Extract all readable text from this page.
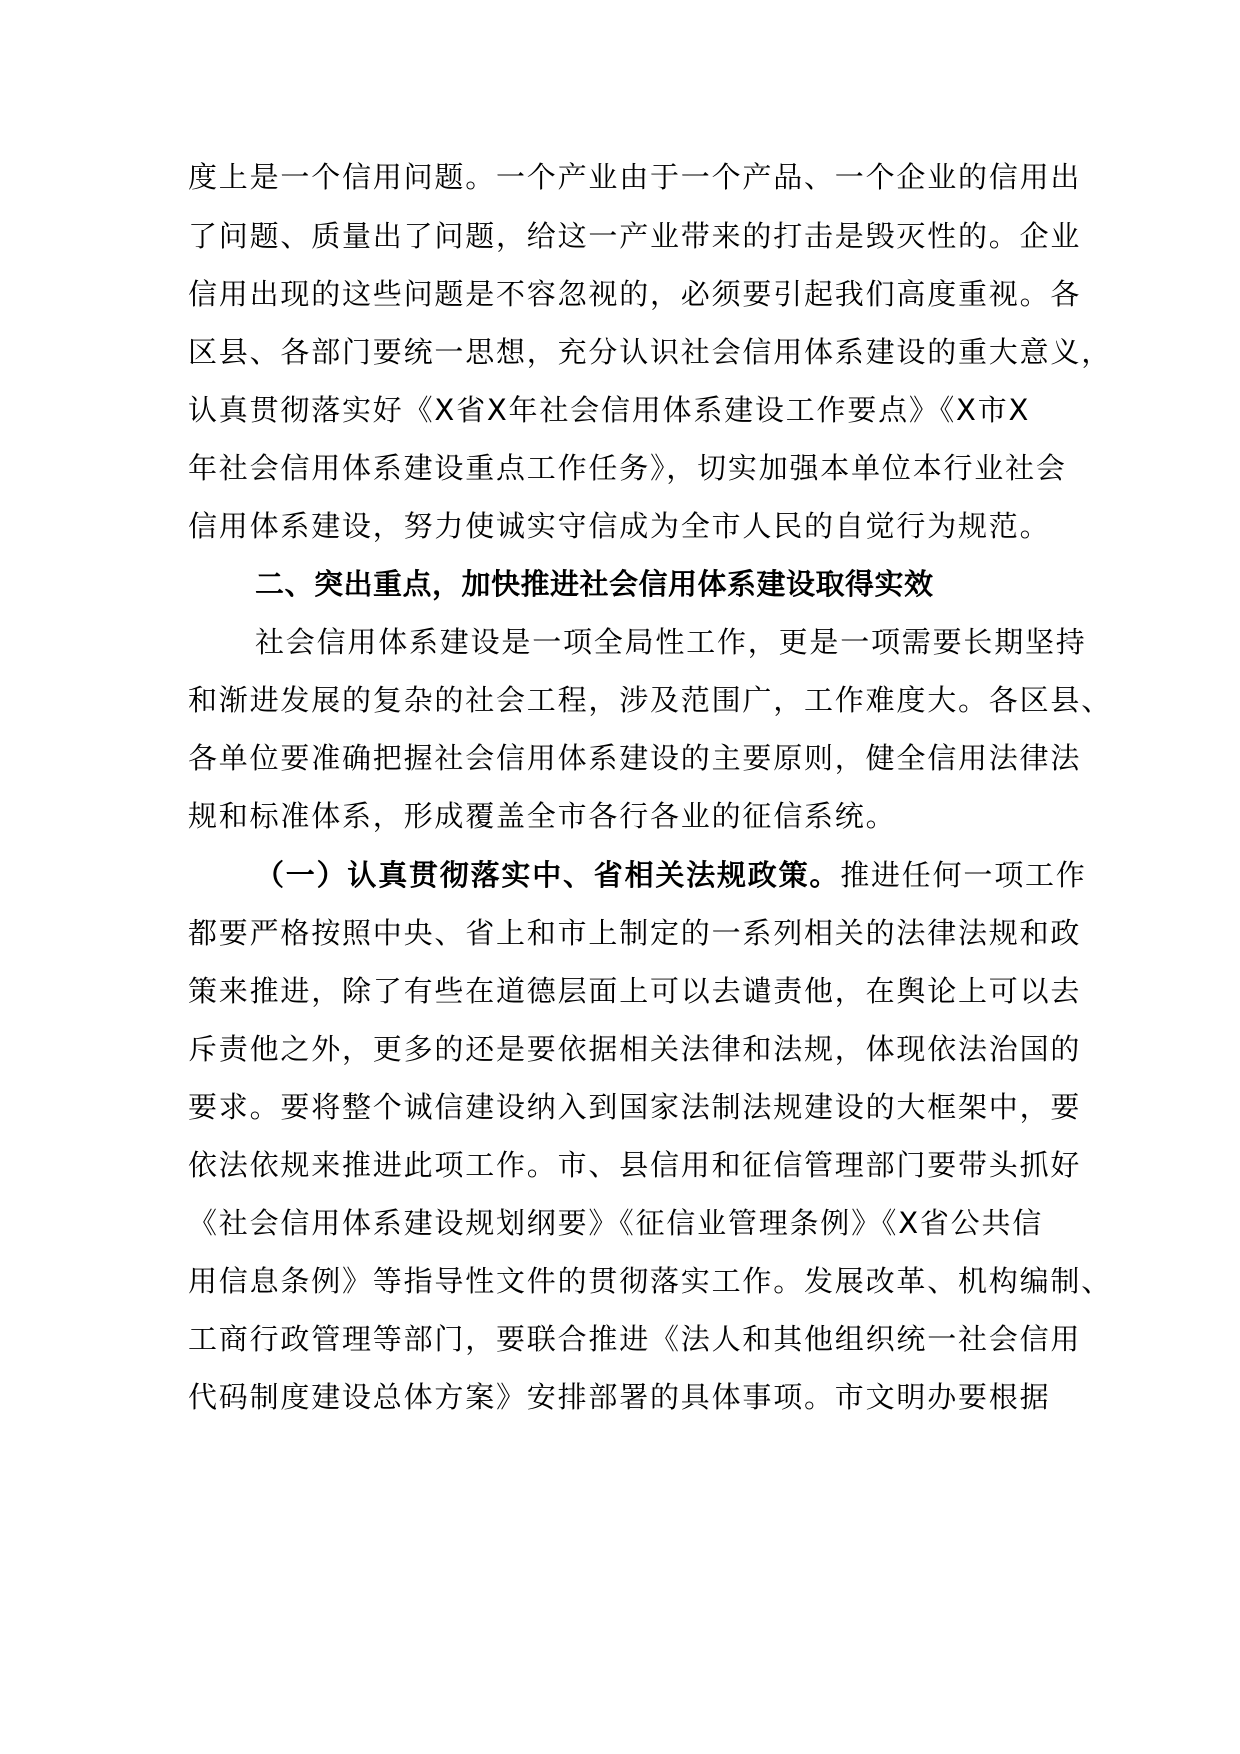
度上是一个信用问题。一个产业由于一个产品、一个企业的信用出
了问题、质量出了问题，给这一产业带来的打击是毁灭性的。企业
信用出现的这些问题是不容忽视的，必须要引起我们高度重视。各
区县、各部门要统一思想，充分认识社会信用体系建设的重大意义，
认真贯彻落实好《X省X年社会信用体系建设工作要点》《X市X
年社会信用体系建设重点工作任务》，切实加强本单位本行业社会
信用体系建设，努力使诚实守信成为全市人民的自觉行为规范。
二、突出重点，加快推进社会信用体系建设取得实效
社会信用体系建设是一项全局性工作，更是一项需要长期坚持
和渐进发展的复杂的社会工程，涉及范围广，工作难度大。各区县、
各单位要准确把握社会信用体系建设的主要原则，健全信用法律法
规和标准体系，形成覆盖全市各行各业的征信系统。
（一）认真贯彻落实中、省相关法规政策。推进任何一项工作
都要严格按照中央、省上和市上制定的一系列相关的法律法规和政
策来推进，除了有些在道德层面上可以去谴责他，在舆论上可以去
斥责他之外，更多的还是要依据相关法律和法规，体现依法治国的
要求。要将整个诚信建设纳入到国家法制法规建设的大框架中，要
依法依规来推进此项工作。市、县信用和征信管理部门要带头抓好
《社会信用体系建设规划纲要》《征信业管理条例》《X省公共信
用信息条例》等指导性文件的贯彻落实工作。发展改革、机构编制、
工商行政管理等部门，要联合推进《法人和其他组织统一社会信用
代码制度建设总体方案》安排部署的具体事项。市文明办要根据
